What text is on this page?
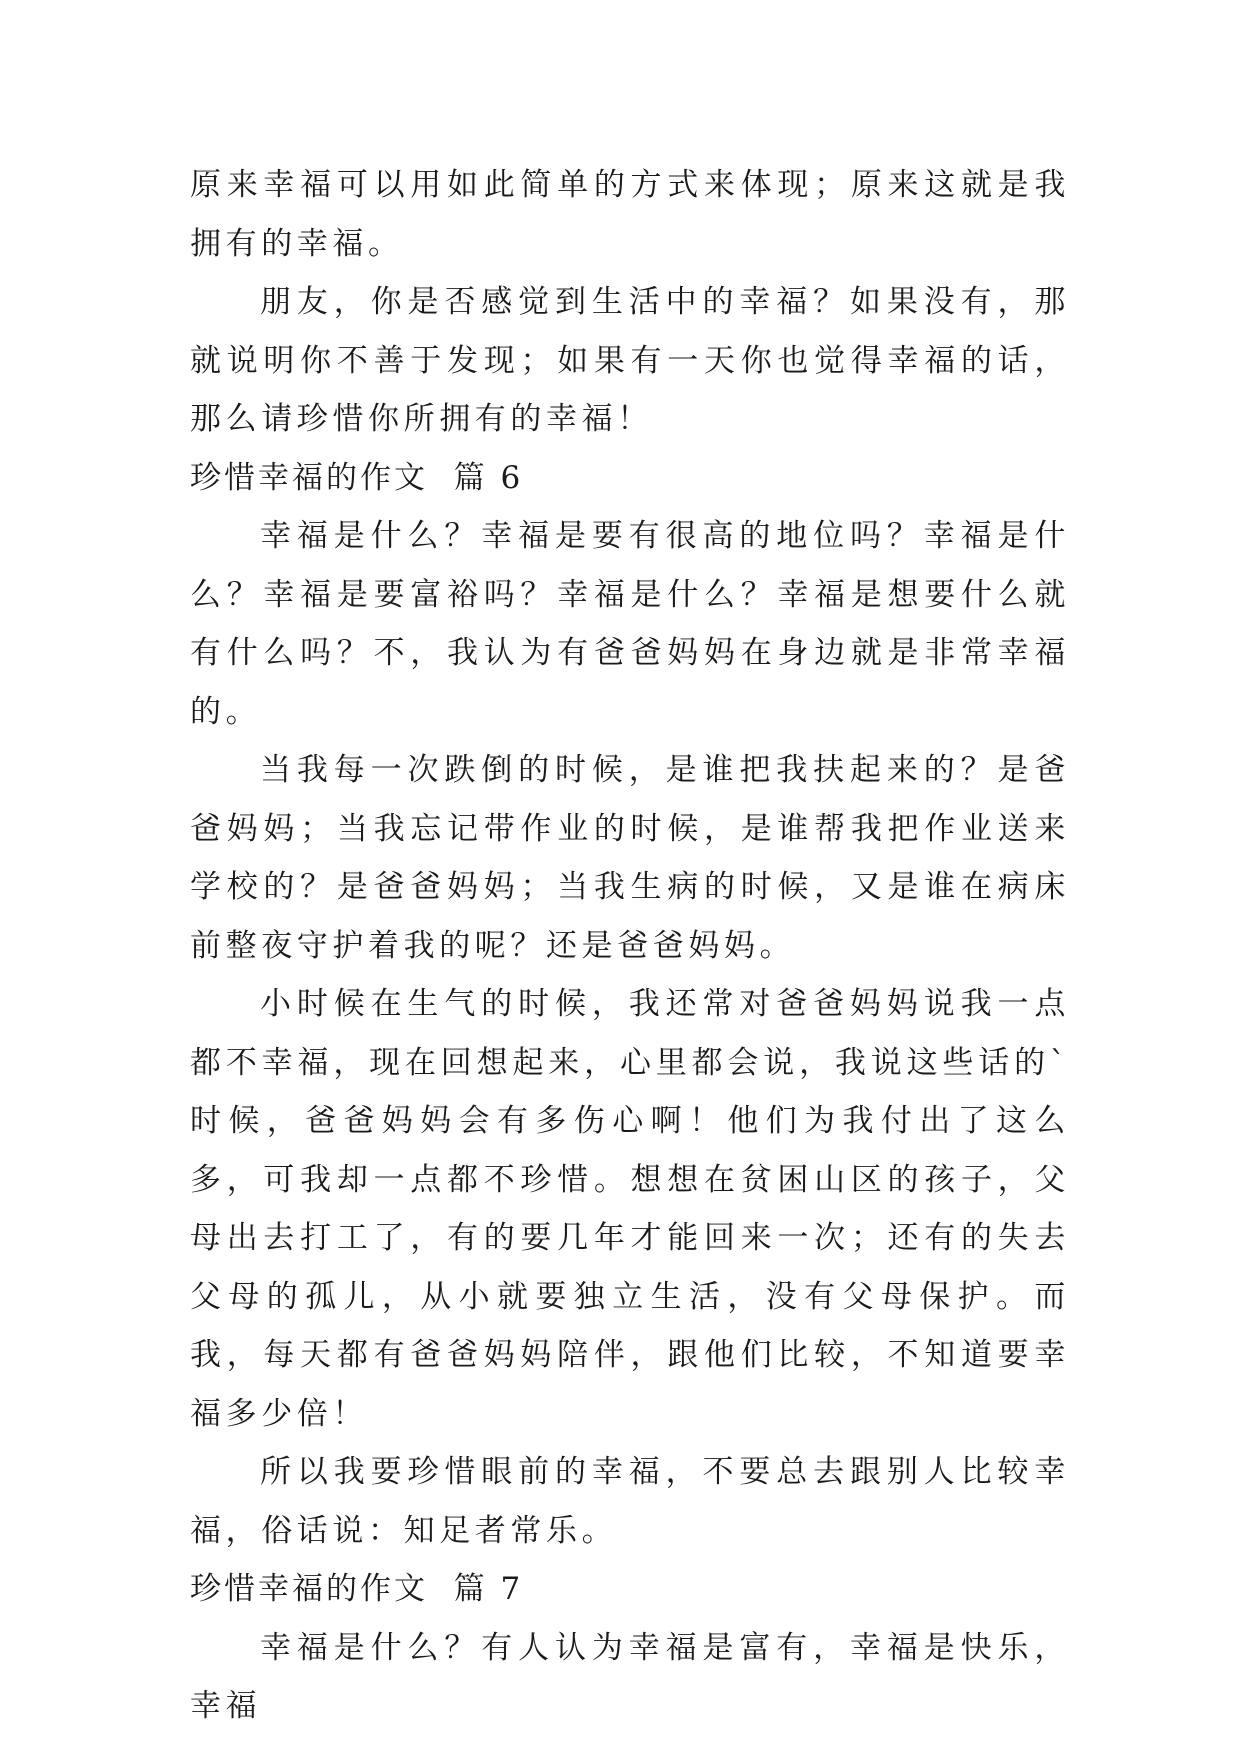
原来幸福可以用如此简单的方式来体现；原来这就是我拥有的幸福。

朋友，你是否感觉到生活中的幸福？如果没有，那就说明你不善于发现；如果有一天你也觉得幸福的话，那么请珍惜你所拥有的幸福！

珍惜幸福的作文  篇 6

幸福是什么？幸福是要有很高的地位吗？幸福是什么？幸福是要富裕吗？幸福是什么？幸福是想要什么就有什么吗？不，我认为有爸爸妈妈在身边就是非常幸福的。

当我每一次跌倒的时候，是谁把我扶起来的？是爸爸妈妈；当我忘记带作业的时候，是谁帮我把作业送来学校的？是爸爸妈妈；当我生病的时候，又是谁在病床前整夜守护着我的呢？还是爸爸妈妈。

小时候在生气的时候，我还常对爸爸妈妈说我一点都不幸福，现在回想起来，心里都会说，我说这些话的`时候，爸爸妈妈会有多伤心啊！他们为我付出了这么多，可我却一点都不珍惜。想想在贫困山区的孩子，父母出去打工了，有的要几年才能回来一次；还有的失去父母的孤儿，从小就要独立生活，没有父母保护。而我，每天都有爸爸妈妈陪伴，跟他们比较，不知道要幸福多少倍！

所以我要珍惜眼前的幸福，不要总去跟别人比较幸福，俗话说：知足者常乐。

珍惜幸福的作文  篇 7

幸福是什么？有人认为幸福是富有，幸福是快乐，幸福
